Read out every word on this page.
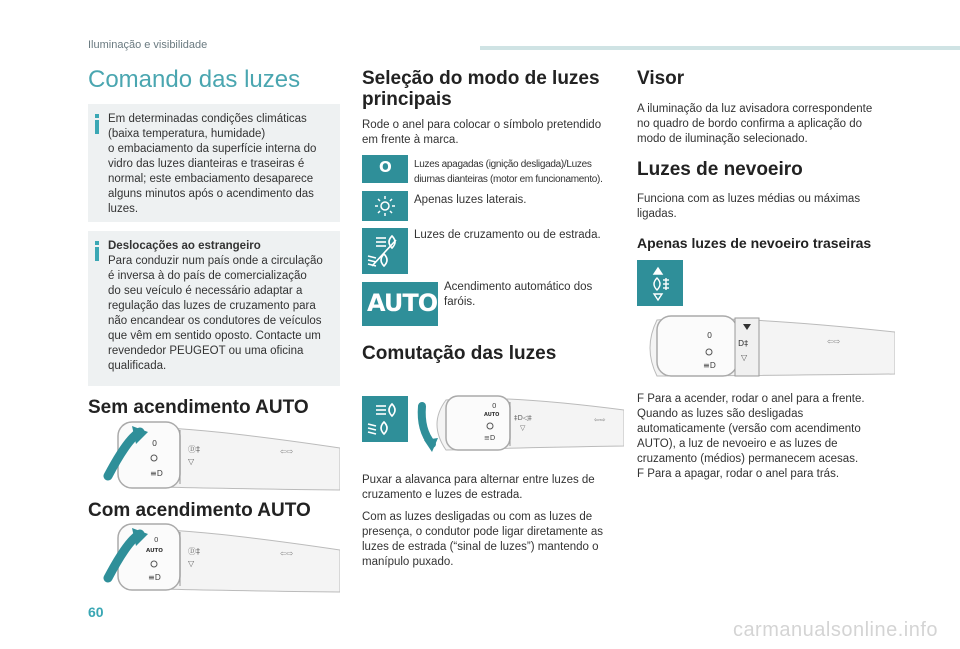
Iluminação e visibilidade
Comando das luzes
Em determinadas condições climáticas
(baixa temperatura, humidade)
o embaciamento da superfície interna do
vidro das luzes dianteiras e traseiras é
normal; este embaciamento desaparece
alguns minutos após o acendimento das
luzes.
Deslocações ao estrangeiro
Para conduzir num país onde a circulação
é inversa à do país de comercialização
do seu veículo é necessário adaptar a
regulação das luzes de cruzamento para
não encandear os condutores de veículos
que vêm em sentido oposto. Contacte um
revendedor PEUGEOT ou uma oficina
qualificada.
Sem acendimento AUTO
0
≡D
Ⓓ‡
▽
⇦⇨
Com acendimento AUTO
0
AUTO
≡D
Ⓓ‡
▽
⇦⇨
Seleção do modo de luzes
principais
Rode o anel para colocar o símbolo pretendido
em frente à marca.
O Luzes apagadas (ignição desligada)/Luzes
diurnas dianteiras (motor em funcionamento).
Apenas luzes laterais.
Luzes de cruzamento ou de estrada.
AUTO
Acendimento automático dos
faróis.
Comutação das luzes
0
AUTO
≡D
‡D◁‡
▽
⇦⇨
Puxar a alavanca para alternar entre luzes de
cruzamento e luzes de estrada.
Com as luzes desligadas ou com as luzes de
presença, o condutor pode ligar diretamente as
luzes de estrada (“sinal de luzes”) mantendo o
manípulo puxado.
Visor
A iluminação da luz avisadora correspondente
no quadro de bordo confirma a aplicação do
modo de iluminação selecionado.
Luzes de nevoeiro
Funciona com as luzes médias ou máximas
ligadas.
Apenas luzes de nevoeiro traseiras
D‡
▽
0
≡D
⇦⇨
F Para a acender, rodar o anel para a frente.
Quando as luzes são desligadas
automaticamente (versão com acendimento
AUTO), a luz de nevoeiro e as luzes de
cruzamento (médios) permanecem acesas.
F Para a apagar, rodar o anel para trás.
60
carmanualsonline.info
